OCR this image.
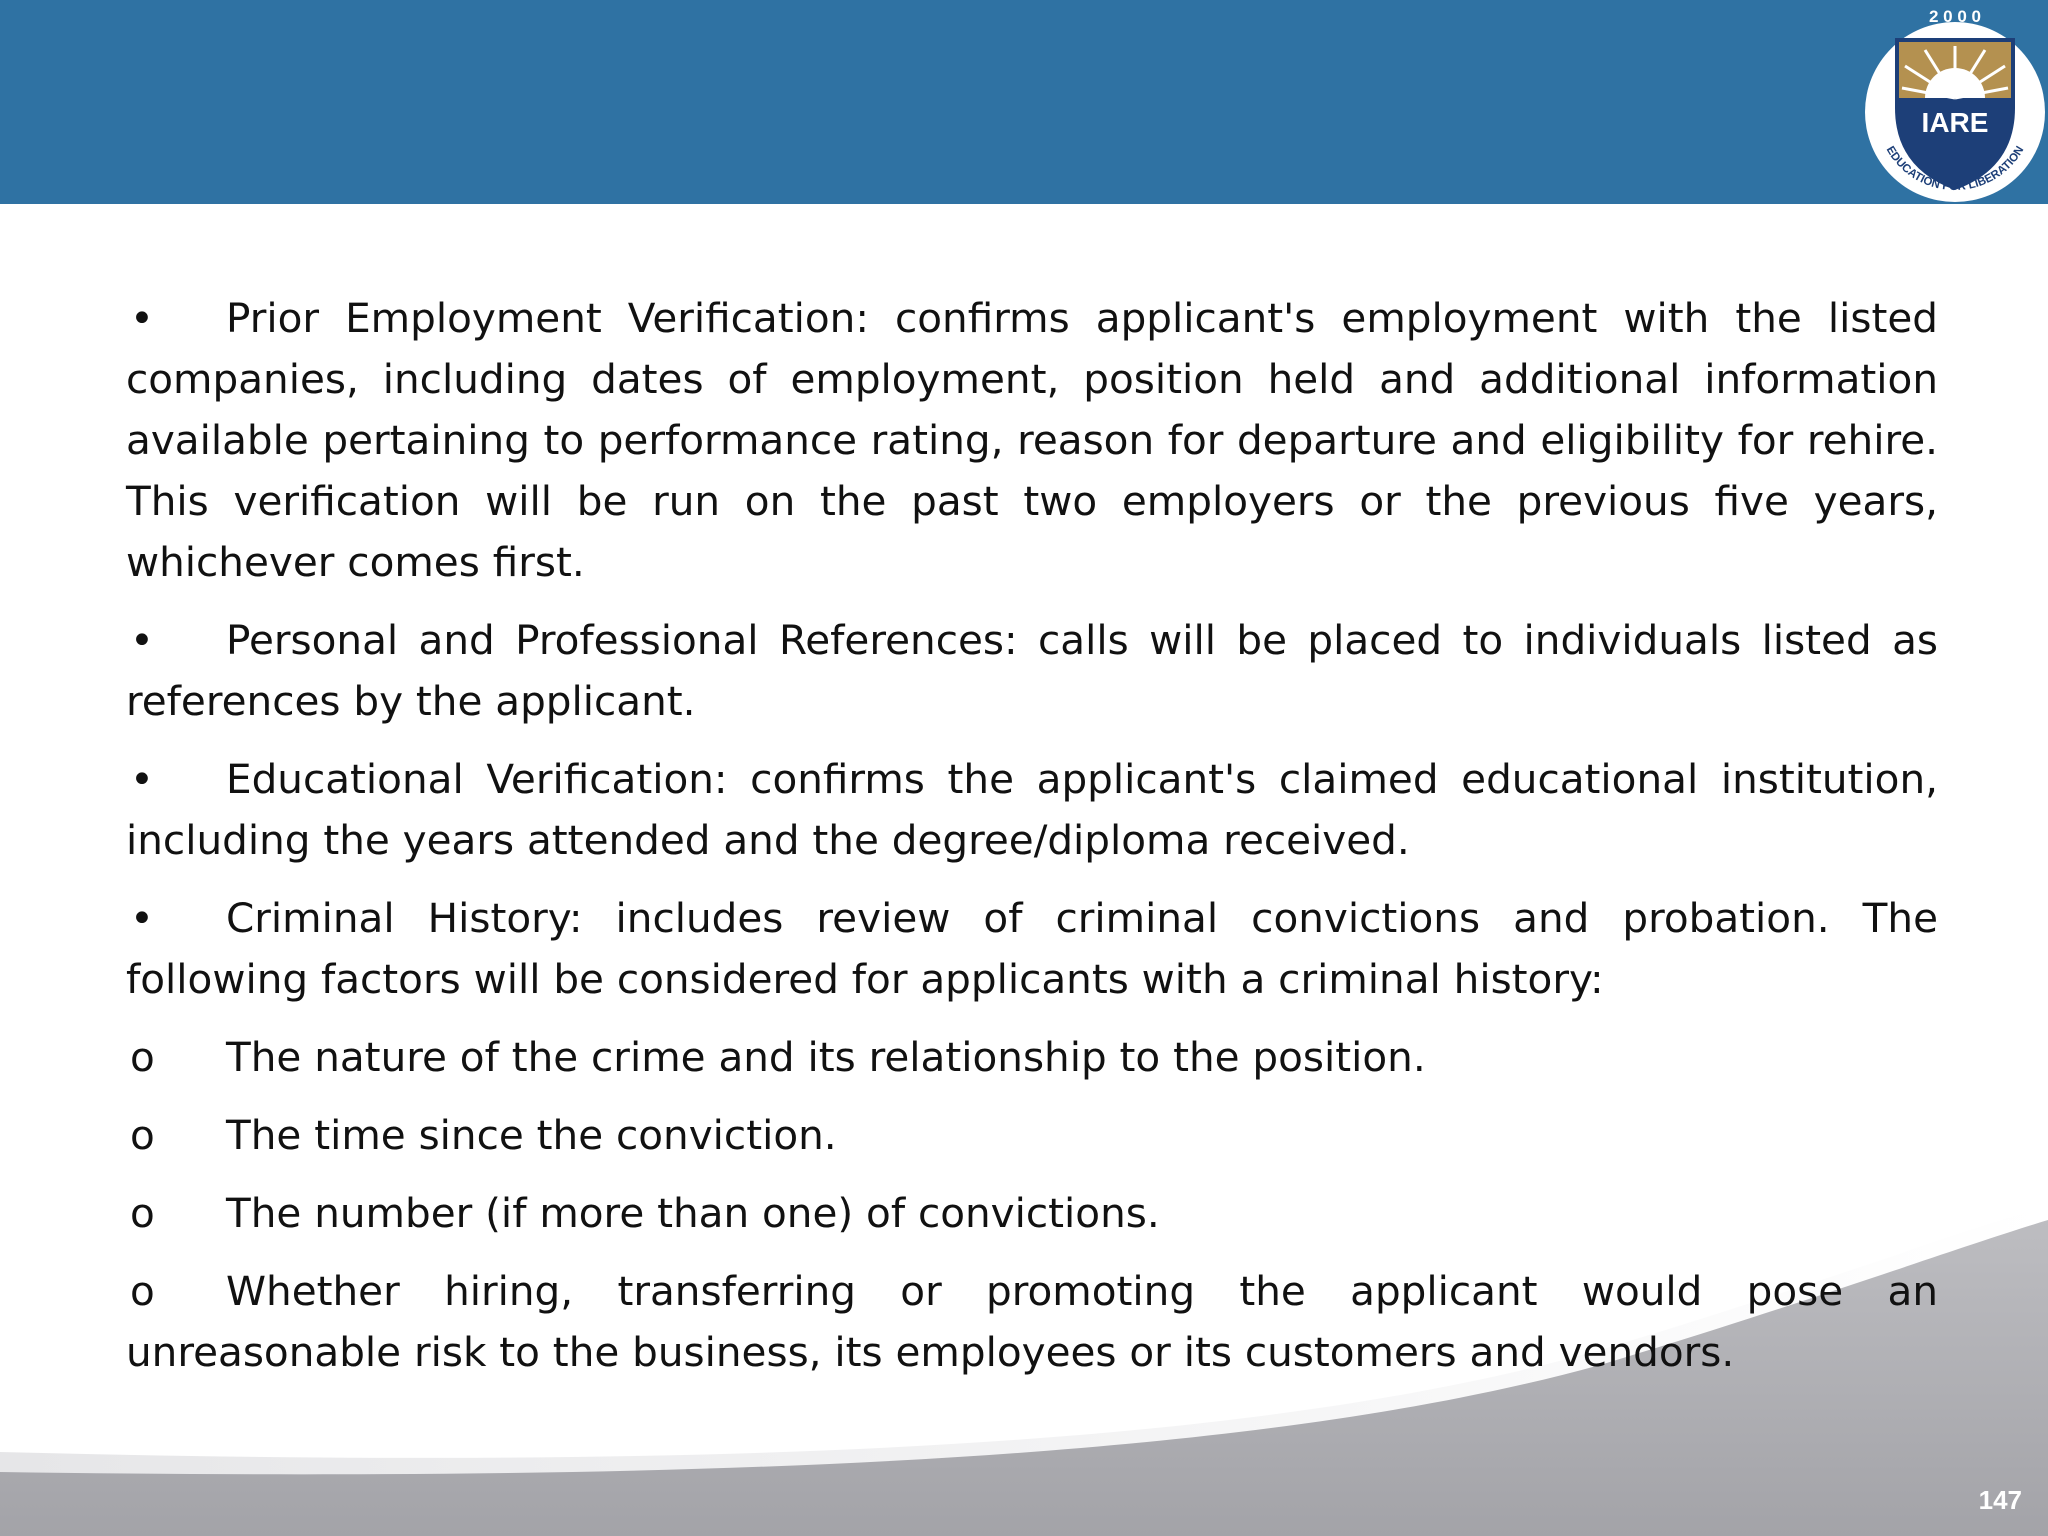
2 0 0 0
IARE
EDUCATION FOR LIBERATION

• Prior Employment Verification: confirms applicant's employment with the listed companies, including dates of employment, position held and additional information available pertaining to performance rating, reason for departure and eligibility for rehire. This verification will be run on the past two employers or the previous five years, whichever comes first.

• Personal and Professional References: calls will be placed to individuals listed as references by the applicant.

• Educational Verification: confirms the applicant's claimed educational institution, including the years attended and the degree/diploma received.

• Criminal History: includes review of criminal convictions and probation. The following factors will be considered for applicants with a criminal history:

o The nature of the crime and its relationship to the position.

o The time since the conviction.

o The number (if more than one) of convictions.

o Whether hiring, transferring or promoting the applicant would pose an unreasonable risk to the business, its employees or its customers and vendors.

147
